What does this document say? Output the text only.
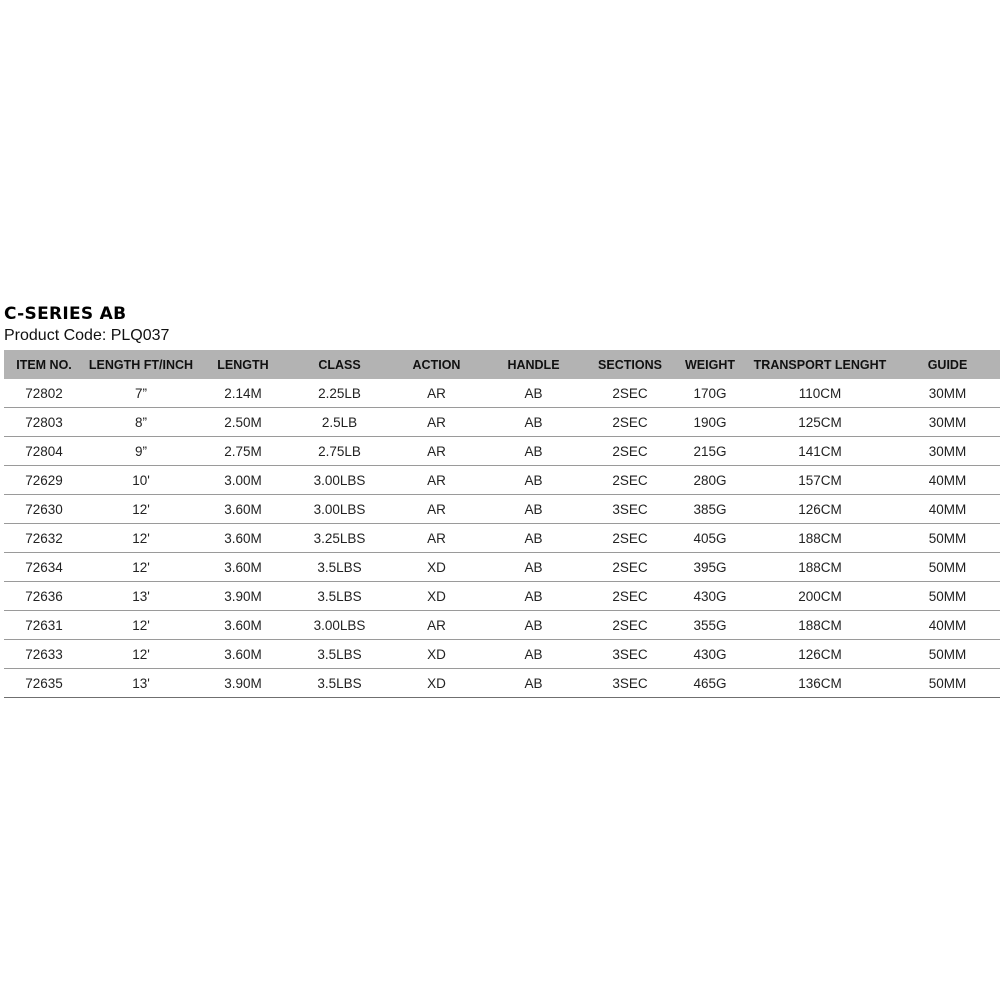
C-SERIES AB
Product Code: PLQ037
ITEM NO.	LENGTH FT/INCH	LENGTH	CLASS	ACTION	HANDLE	SECTIONS	WEIGHT	TRANSPORT LENGHT	GUIDE
72802	7”	2.14M	2.25LB	AR	AB	2SEC	170G	110CM	30MM
72803	8”	2.50M	2.5LB	AR	AB	2SEC	190G	125CM	30MM
72804	9”	2.75M	2.75LB	AR	AB	2SEC	215G	141CM	30MM
72629	10'	3.00M	3.00LBS	AR	AB	2SEC	280G	157CM	40MM
72630	12'	3.60M	3.00LBS	AR	AB	3SEC	385G	126CM	40MM
72632	12'	3.60M	3.25LBS	AR	AB	2SEC	405G	188CM	50MM
72634	12'	3.60M	3.5LBS	XD	AB	2SEC	395G	188CM	50MM
72636	13'	3.90M	3.5LBS	XD	AB	2SEC	430G	200CM	50MM
72631	12'	3.60M	3.00LBS	AR	AB	2SEC	355G	188CM	40MM
72633	12'	3.60M	3.5LBS	XD	AB	3SEC	430G	126CM	50MM
72635	13'	3.90M	3.5LBS	XD	AB	3SEC	465G	136CM	50MM
